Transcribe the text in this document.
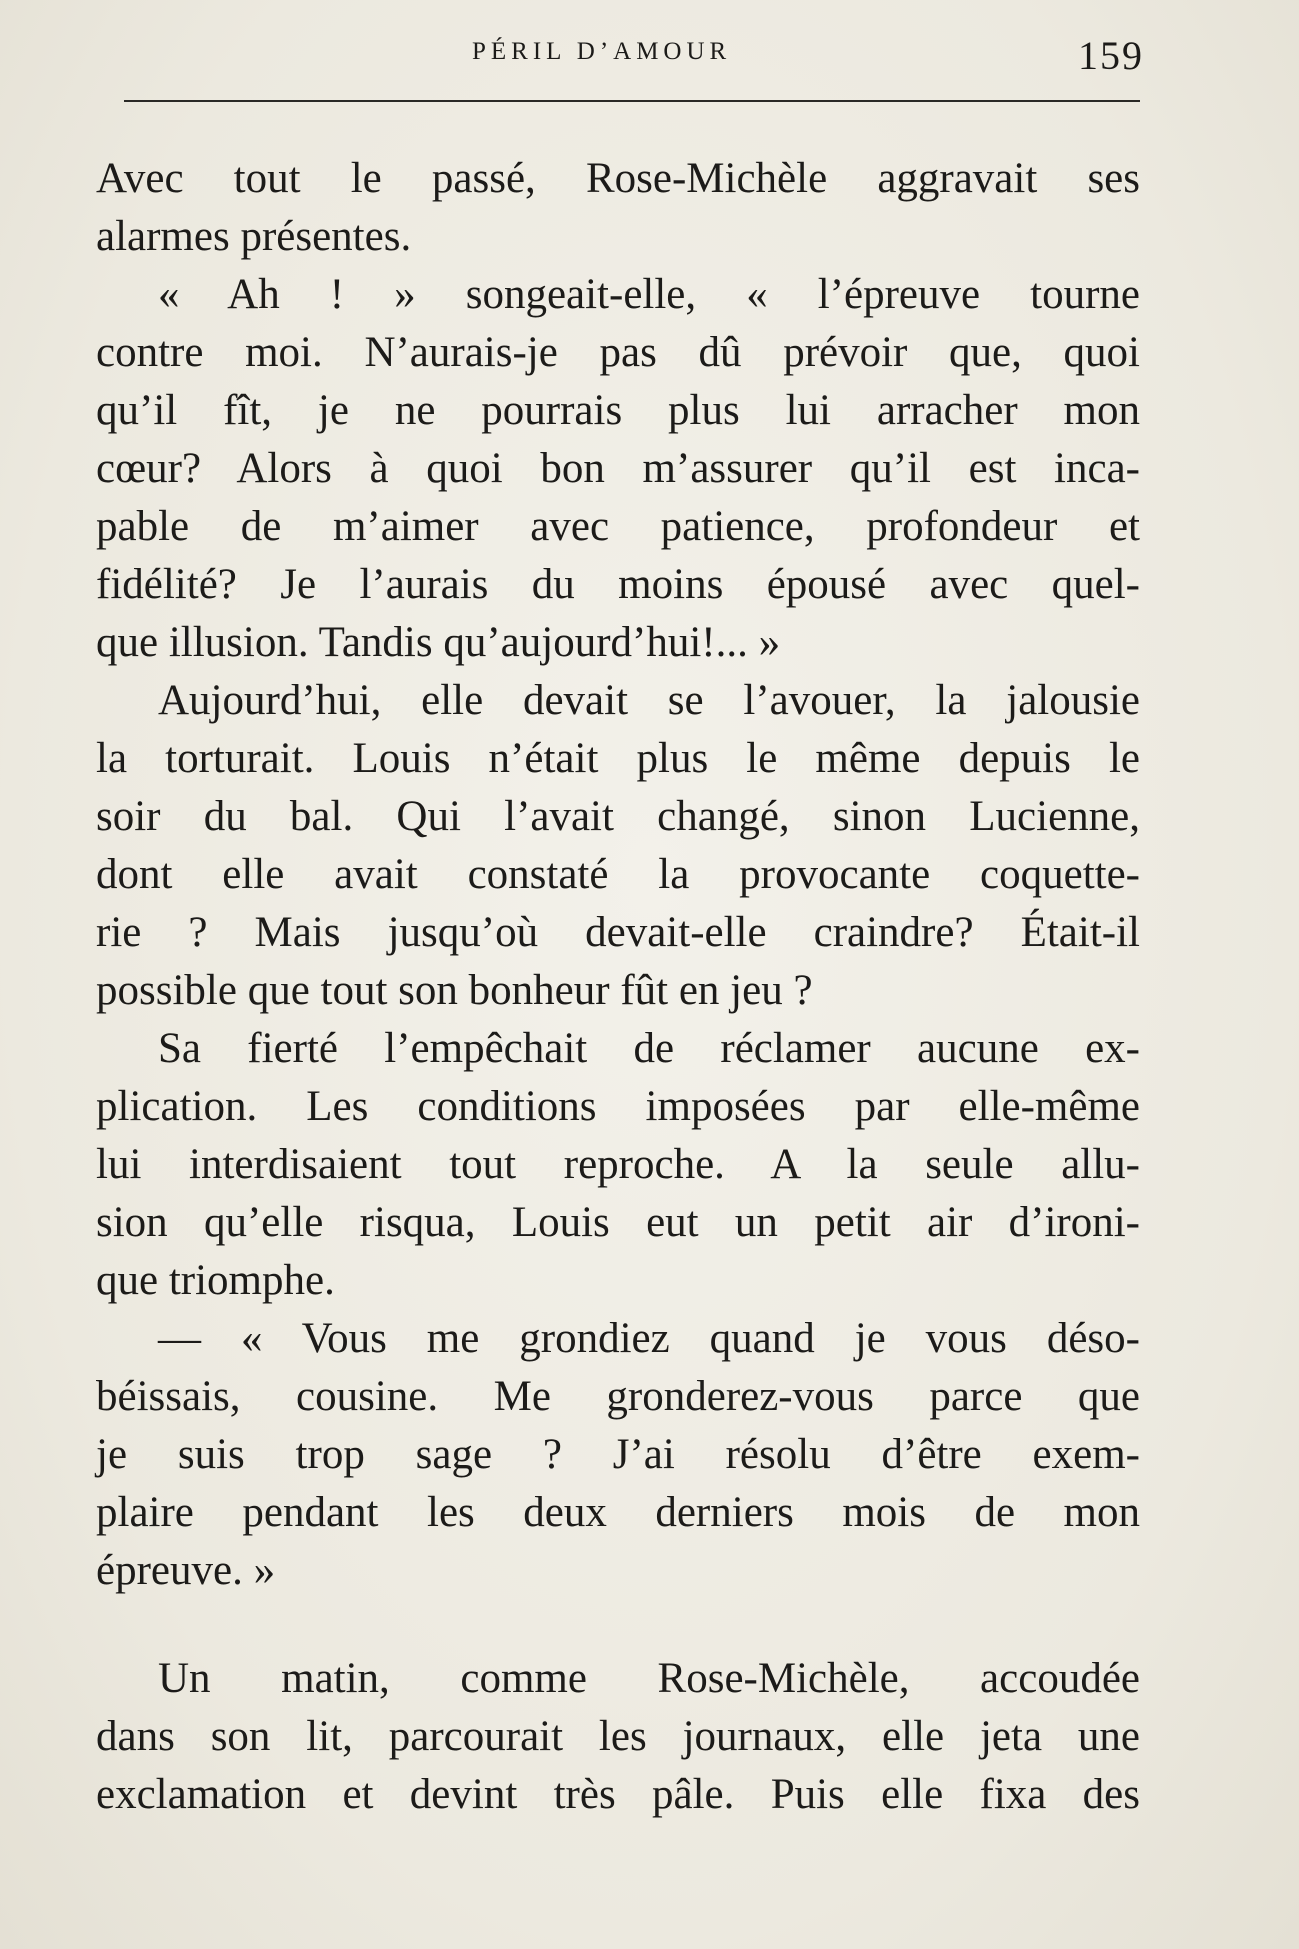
PÉRIL D’AMOUR	159
Avec tout le passé, Rose-Michèle aggravait ses
alarmes présentes.
« Ah ! » songeait-elle, « l’épreuve tourne
contre moi. N’aurais-je pas dû prévoir que, quoi
qu’il fît, je ne pourrais plus lui arracher mon
cœur? Alors à quoi bon m’assurer qu’il est inca-
pable de m’aimer avec patience, profondeur et
fidélité? Je l’aurais du moins épousé avec quel-
que illusion. Tandis qu’aujourd’hui!... »
Aujourd’hui, elle devait se l’avouer, la jalousie
la torturait. Louis n’était plus le même depuis le
soir du bal. Qui l’avait changé, sinon Lucienne,
dont elle avait constaté la provocante coquette-
rie ? Mais jusqu’où devait-elle craindre? Était-il
possible que tout son bonheur fût en jeu ?
Sa fierté l’empêchait de réclamer aucune ex-
plication. Les conditions imposées par elle-même
lui interdisaient tout reproche. A la seule allu-
sion qu’elle risqua, Louis eut un petit air d’ironi-
que triomphe.
— « Vous me grondiez quand je vous déso-
béissais, cousine. Me gronderez-vous parce que
je suis trop sage ? J’ai résolu d’être exem-
plaire pendant les deux derniers mois de mon
épreuve. »
Un matin, comme Rose-Michèle, accoudée
dans son lit, parcourait les journaux, elle jeta une
exclamation et devint très pâle. Puis elle fixa des
